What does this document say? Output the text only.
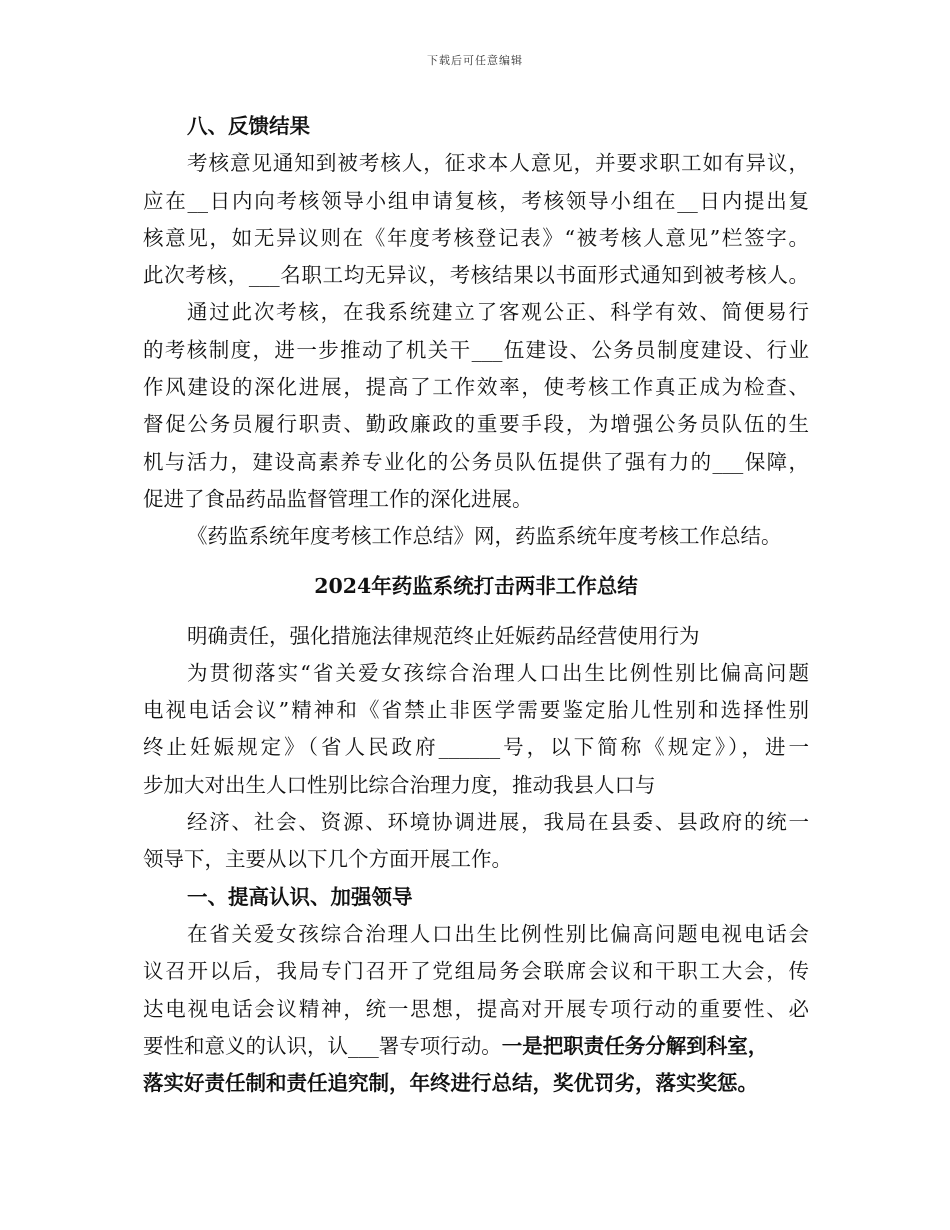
下载后可任意编辑
八、反馈结果
考核意见通知到被考核人，征求本人意见，并要求职工如有异议，
应在__日内向考核领导小组申请复核，考核领导小组在__日内提出复
核意见，如无异议则在《年度考核登记表》“被考核人意见”栏签字。
此次考核，___名职工均无异议，考核结果以书面形式通知到被考核人。
通过此次考核，在我系统建立了客观公正、科学有效、简便易行
的考核制度，进一步推动了机关干___伍建设、公务员制度建设、行业
作风建设的深化进展，提高了工作效率，使考核工作真正成为检查、
督促公务员履行职责、勤政廉政的重要手段，为增强公务员队伍的生
机与活力，建设高素养专业化的公务员队伍提供了强有力的___保障，
促进了食品药品监督管理工作的深化进展。
《药监系统年度考核工作总结》网，药监系统年度考核工作总结。
2024年药监系统打击两非工作总结
明确责任，强化措施法律规范终止妊娠药品经营使用行为
为贯彻落实“省关爱女孩综合治理人口出生比例性别比偏高问题
电视电话会议”精神和《省禁止非医学需要鉴定胎儿性别和选择性别
终止妊娠规定》（省人民政府______号，以下简称《规定》），进一
步加大对出生人口性别比综合治理力度，推动我县人口与
经济、社会、资源、环境协调进展，我局在县委、县政府的统一
领导下，主要从以下几个方面开展工作。
一、提高认识、加强领导
在省关爱女孩综合治理人口出生比例性别比偏高问题电视电话会
议召开以后，我局专门召开了党组局务会联席会议和干职工大会，传
达电视电话会议精神，统一思想，提高对开展专项行动的重要性、必
要性和意义的认识，认___署专项行动。一是把职责任务分解到科室，
落实好责任制和责任追究制，年终进行总结，奖优罚劣，落实奖惩。
